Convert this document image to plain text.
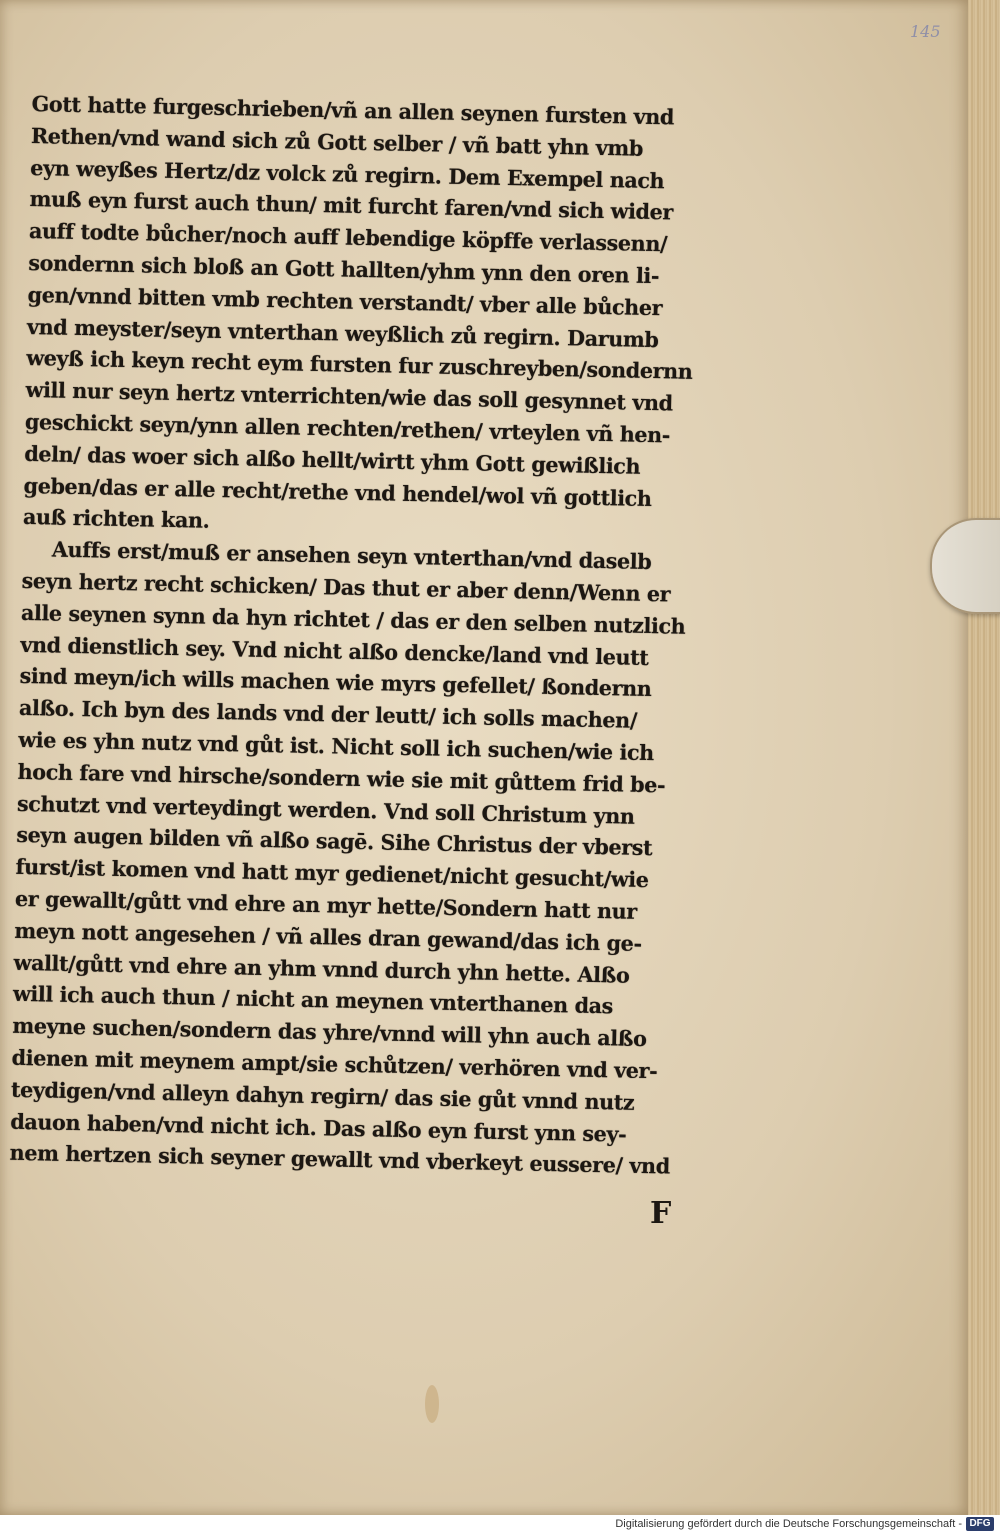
145
Gott hatte furgeschrieben/vñ an allen seynen fursten vnd
Rethen/vnd wand sich zů Gott selber / vñ batt yhn vmb
eyn weyßes Hertz/dz volck zů regirn. Dem Exempel nach
muß eyn furst auch thun/ mit furcht faren/vnd sich wider
auff todte bůcher/noch auff lebendige köpffe verlassenn/
sondernn sich bloß an Gott hallten/yhm ynn den oren li-
gen/vnnd bitten vmb rechten verstandt/ vber alle bůcher
vnd meyster/seyn vnterthan weyßlich zů regirn. Darumb
weyß ich keyn recht eym fursten fur zuschreyben/sondernn
will nur seyn hertz vnterrichten/wie das soll gesynnet vnd
geschickt seyn/ynn allen rechten/rethen/ vrteylen vñ hen-
deln/ das woer sich alßo hellt/wirtt yhm Gott gewißlich
geben/das er alle recht/rethe vnd hendel/wol vñ gottlich
auß richten kan.
Auffs erst/muß er ansehen seyn vnterthan/vnd daselb
seyn hertz recht schicken/ Das thut er aber denn/Wenn er
alle seynen synn da hyn richtet / das er den selben nutzlich
vnd dienstlich sey. Vnd nicht alßo dencke/land vnd leutt
sind meyn/ich wills machen wie myrs gefellet/ ßondernn
alßo. Ich byn des lands vnd der leutt/ ich solls machen/
wie es yhn nutz vnd gůt ist. Nicht soll ich suchen/wie ich
hoch fare vnd hirsche/sondern wie sie mit gůttem frid be-
schutzt vnd verteydingt werden. Vnd soll Christum ynn
seyn augen bilden vñ alßo sagē. Sihe Christus der vberst
furst/ist komen vnd hatt myr gedienet/nicht gesucht/wie
er gewallt/gůtt vnd ehre an myr hette/Sondern hatt nur
meyn nott angesehen / vñ alles dran gewand/das ich ge-
wallt/gůtt vnd ehre an yhm vnnd durch yhn hette. Alßo
will ich auch thun / nicht an meynen vnterthanen das
meyne suchen/sondern das yhre/vnnd will yhn auch alßo
dienen mit meynem ampt/sie schůtzen/ verhören vnd ver-
teydigen/vnd alleyn dahyn regirn/ das sie gůt vnnd nutz
dauon haben/vnd nicht ich. Das alßo eyn furst ynn sey-
nem hertzen sich seyner gewallt vnd vberkeyt eussere/ vnd
F
Digitalisierung gefördert durch die Deutsche Forschungsgemeinschaft - DFG
